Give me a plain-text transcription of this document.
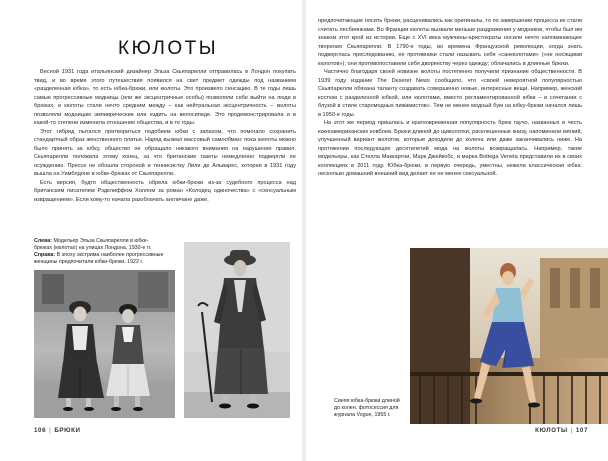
КЮЛОТЫ

Весной 1931 года итальянский дизайнер Эльза Скьяпарелли отправилась в Лондон покупать твид, и во время этого путешествия появился на свет предмет одежды под названием «разделенная юбка», то есть юбка-брюки, или кюлоты. Это произвело сенсацию. В те годы лишь самые прогрессивные модницы (или же эксцентричные особы) позволяли себе выйти на люди в брюках, и кюлоты стали нечто средним между – как нейтральная эксцентричность – кюлоты позволяли модницам эмпиирические или ездить на велосипеде. Это продемонстрировала и в какой-то степени изменила отношение общества, и в те годы.

Этот гибрид пытался притвориться подобием юбки с запахом, что помогало сохранить стандартный образ женственного платья. Наряд вызвал массовый самообман: пока кюлоты можно было принять за юбку, общество не обращало никакого внимания на нарушение правил. Скьяпарелли положила этому конец, за что британские газеты немедленно подвергли ее осуждению. Прессе не обошла стороной и теннисистку Лили де Альварес, которая в 1931 году вышла на Уимблдоне в юбке-брюках от Скьяпарелли.

Есть версия, будто общественность обрела юбки-брюки из-за судебного процесса над британским писателем Рэдклиффом Холлом за роман «Колодец одиночества» с «сенсуальным извращением». Если кому-то начала разоблачать англичане даже,

Слева: Модельер Эльза Скьяпарелли в юбке-брюках (кюлотах) на улицах Лондона, 1930-е гг.
Справа: В эпоху экстрима наиболее прогрессивные женщины предпочитали юбки-брюки, 1922 г.
106 | БРЮКИ

предпочитающие носить брюки, расценивались как оригиналы, то по завершении процесса их стали считать лесбиянками. Во Франции кюлоты вызвали меньше раздражения у модников, чтобы был им знаком этот крой из истории. Еще с XVI века мужчины-аристократы носили нечто напоминающее творения Скьяпарелли. В 1790-е годы, во времена Французской революции, когда знать подверглась преследованию, ее противники стали называть себя «санкюлотами» («не носящими кюлотов»); они противопоставили себя дворянству через одежду; облачались в длинные брюки.

Частично благодаря своей новизне кюлоты постепенно получили признание общественности. В 1939 году издание The Deseret News сообщило, что «своей невероятной популярностью Скьяпарелли обязана таланту создавать совершенно новые, интересные вещи. Например, женский костюм с разделенной юбкой, или кюлотами, вместо регламентированной юбки – в сочетании с блузой в стиле старомодных пижамистов». Тем не менее модный бум на юбку-брюки начался лишь в 1950-е годы.

На этот же период пришлась и кратковременная популярность брюк гаучо, названных в честь южноамериканских ковбоев. Брюки длиной до щиколотки, расклешенные книзу, напоминали мягкий, улучшенный вариант кюлотов, которые доходили до колена или даже заканчивались ниже. На протяжении последующих десятилетий мода на кюлоты возвращалась. Например, такие модельеры, как Стелла Маккартни, Марк Джейкобс, и марка Bottega Veneta представили их в своих коллекциях в 2011 году. Юбка-брюки, в первую очередь, уместны, нежели классическая юбка: несколько домашний внешний вид делает ее не менее сексуальной.

Синяя юбка-брюки длиной до колен, фотосессия для журнала Vogue, 1955 г.
КЮЛОТЫ | 107
